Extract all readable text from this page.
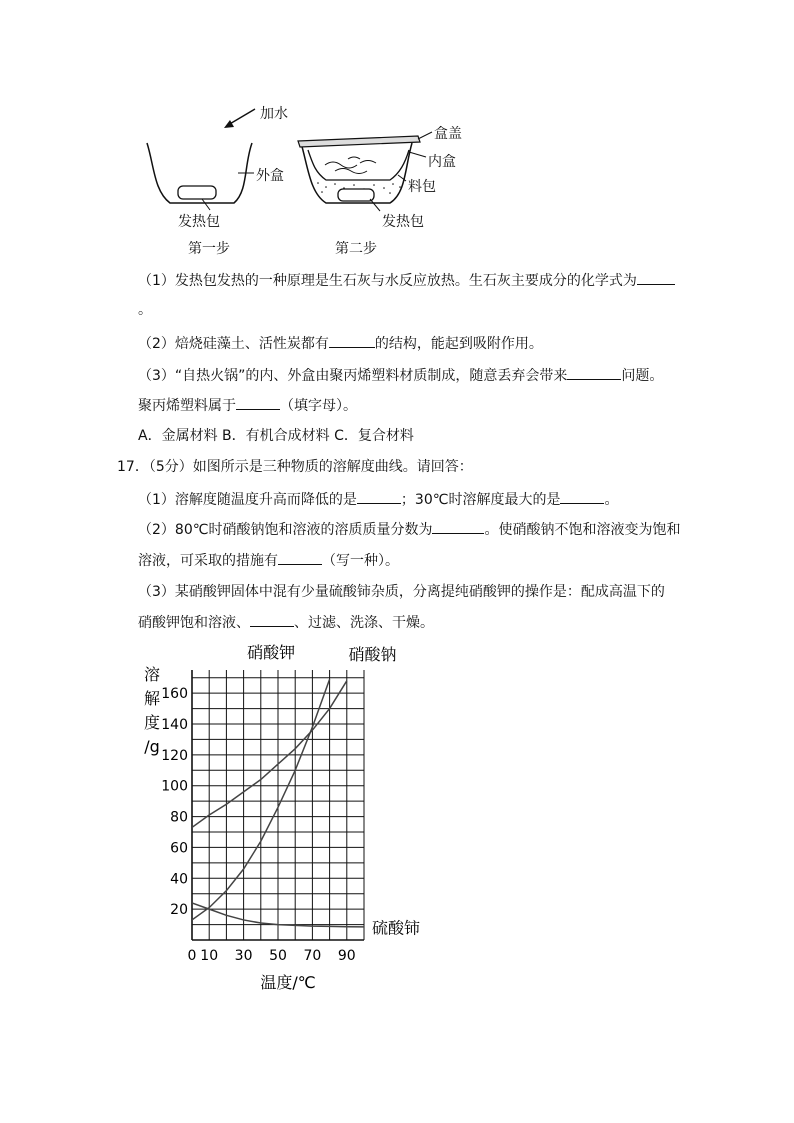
加水
外盒
发热包
第一步
盒盖
内盒
料包
发热包
第二步
（1）发热包发热的一种原理是生石灰与水反应放热。生石灰主要成分的化学式为
。
（2）焙烧硅藻土、活性炭都有	的结构，能起到吸附作用。
（3）“自热火锅”的内、外盒由聚丙烯塑料材质制成，随意丢弃会带来	问题。
聚丙烯塑料属于	（填字母）。
A．金属材料 B．有机合成材料 C．复合材料
17．（5分）如图所示是三种物质的溶解度曲线。请回答：
（1）溶解度随温度升高而降低的是	；30℃时溶解度最大的是	。
（2）80℃时硝酸钠饱和溶液的溶质质量分数为	。使硝酸钠不饱和溶液变为饱和
溶液，可采取的措施有	（写一种）。
（3）某硝酸钾固体中混有少量硫酸铈杂质，分离提纯硝酸钾的操作是：配成高温下的
硝酸钾饱和溶液、	、过滤、洗涤、干燥。
20
40
60
80
100
120
140
160
0 10 30 50 70 90
溶
解
度
/g
温度/℃
硝酸钾	硝酸钠
硫酸铈
